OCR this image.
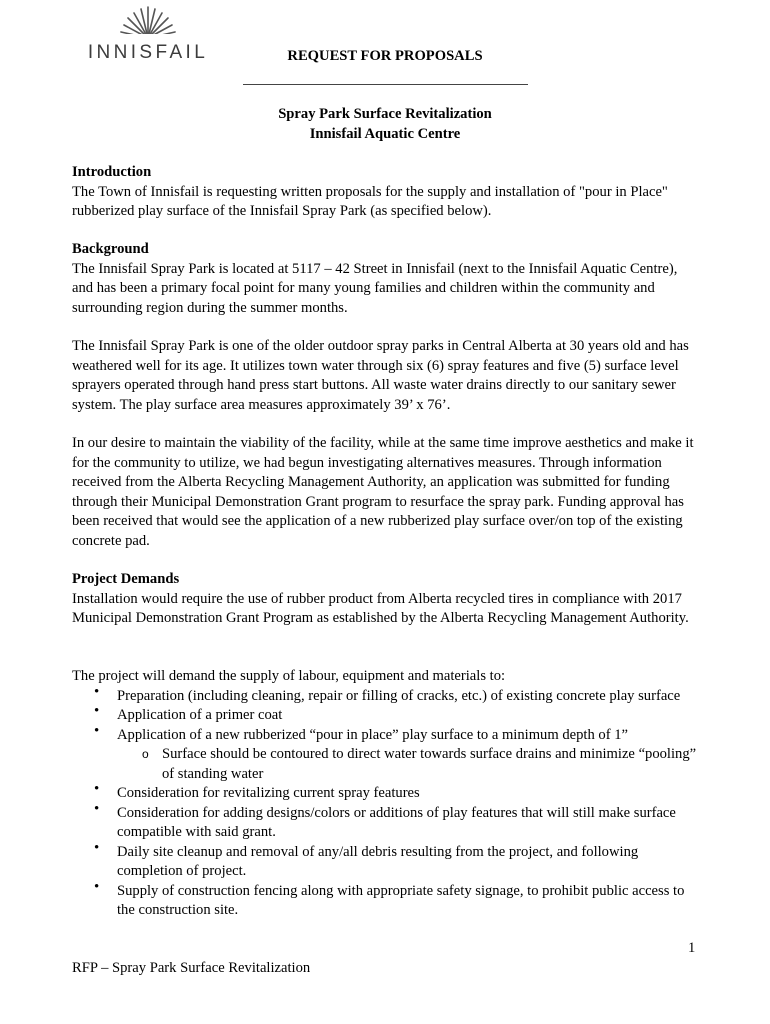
INNISFAIL	REQUEST FOR PROPOSALS
Spray Park Surface Revitalization
Innisfail Aquatic Centre

Introduction

The Town of Innisfail is requesting written proposals for the supply and installation of "pour in Place" rubberized play surface of the Innisfail Spray Park (as specified below).

Background

The Innisfail Spray Park is located at 5117 – 42 Street in Innisfail (next to the Innisfail Aquatic Centre), and has been a primary focal point for many young families and children within the community and surrounding region during the summer months.

The Innisfail Spray Park is one of the older outdoor spray parks in Central Alberta at 30 years old and has weathered well for its age. It utilizes town water through six (6) spray features and five (5) surface level sprayers operated through hand press start buttons. All waste water drains directly to our sanitary sewer system. The play surface area measures approximately 39’ x 76’.

In our desire to maintain the viability of the facility, while at the same time improve aesthetics and make it for the community to utilize, we had begun investigating alternatives measures. Through information received from the Alberta Recycling Management Authority, an application was submitted for funding through their Municipal Demonstration Grant program to resurface the spray park. Funding approval has been received that would see the application of a new rubberized play surface over/on top of the existing concrete pad.

Project Demands

Installation would require the use of rubber product from Alberta recycled tires in compliance with 2017 Municipal Demonstration Grant Program as established by the Alberta Recycling Management Authority.

The project will demand the supply of labour, equipment and materials to:

• Preparation (including cleaning, repair or filling of cracks, etc.) of existing concrete play surface
• Application of a primer coat
• Application of a new rubberized “pour in place” play surface to a minimum depth of 1”
o Surface should be contoured to direct water towards surface drains and minimize “pooling” of standing water
• Consideration for revitalizing current spray features
• Consideration for adding designs/colors or additions of play features that will still make surface compatible with said grant.
• Daily site cleanup and removal of any/all debris resulting from the project, and following completion of project.
• Supply of construction fencing along with appropriate safety signage, to prohibit public access to the construction site.
1
RFP – Spray Park Surface Revitalization
